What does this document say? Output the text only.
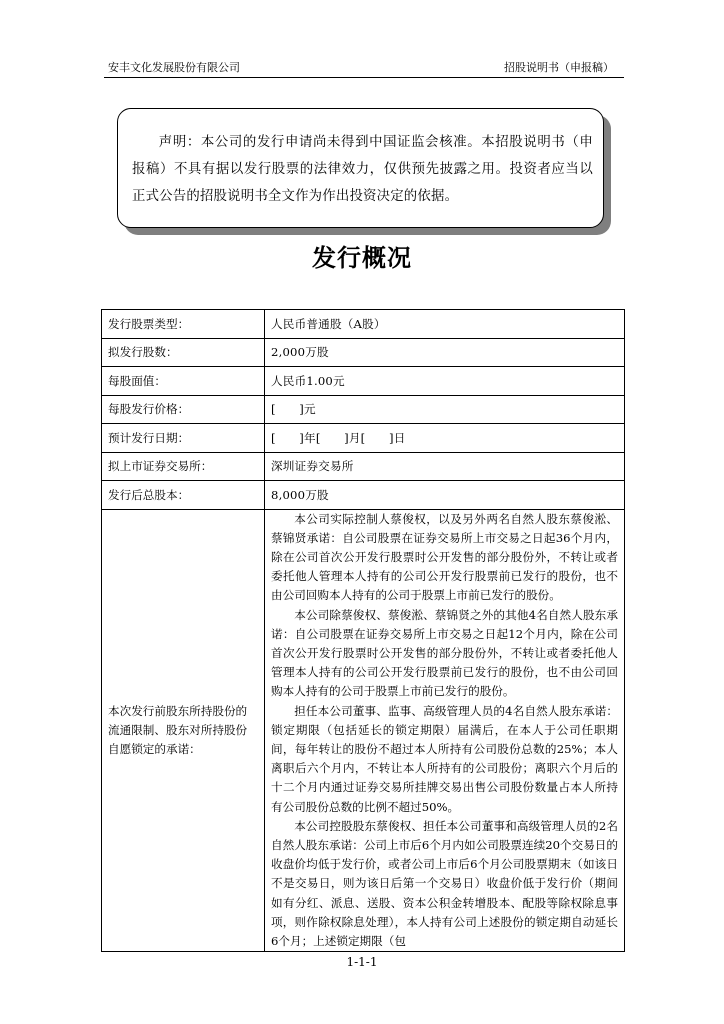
安丰文化发展股份有限公司	招股说明书（申报稿）

声明：本公司的发行申请尚未得到中国证监会核准。本招股说明书（申报稿）不具有据以发行股票的法律效力，仅供预先披露之用。投资者应当以正式公告的招股说明书全文作为作出投资决定的依据。

发行概况
发行股票类型：	人民币普通股（A股）
拟发行股数：	2,000万股
每股面值：	人民币1.00元
每股发行价格：	[　　]元
预计发行日期：	[　　]年[　　]月[　　]日
拟上市证券交易所：	深圳证券交易所
发行后总股本：	8,000万股
本次发行前股东所持股份的流通限制、股东对所持股份自愿锁定的承诺：	本公司实际控制人蔡俊权，以及另外两名自然人股东蔡俊淞、蔡锦贤承诺：自公司股票在证券交易所上市交易之日起36个月内，除在公司首次公开发行股票时公开发售的部分股份外，不转让或者委托他人管理本人持有的公司公开发行股票前已发行的股份，也不由公司回购本人持有的公司于股票上市前已发行的股份。

本公司除蔡俊权、蔡俊淞、蔡锦贤之外的其他4名自然人股东承诺：自公司股票在证券交易所上市交易之日起12个月内，除在公司首次公开发行股票时公开发售的部分股份外，不转让或者委托他人管理本人持有的公司公开发行股票前已发行的股份，也不由公司回购本人持有的公司于股票上市前已发行的股份。

担任本公司董事、监事、高级管理人员的4名自然人股东承诺：锁定期限（包括延长的锁定期限）届满后，在本人于公司任职期间，每年转让的股份不超过本人所持有公司股份总数的25%；本人离职后六个月内，不转让本人所持有的公司股份；离职六个月后的十二个月内通过证券交易所挂牌交易出售公司股份数量占本人所持有公司股份总数的比例不超过50%。

本公司控股股东蔡俊权、担任本公司董事和高级管理人员的2名自然人股东承诺：公司上市后6个月内如公司股票连续20个交易日的收盘价均低于发行价，或者公司上市后6个月公司股票期末（如该日不是交易日，则为该日后第一个交易日）收盘价低于发行价（期间如有分红、派息、送股、资本公积金转增股本、配股等除权除息事项，则作除权除息处理），本人持有公司上述股份的锁定期自动延长6个月；上述锁定期限（包

1-1-1
